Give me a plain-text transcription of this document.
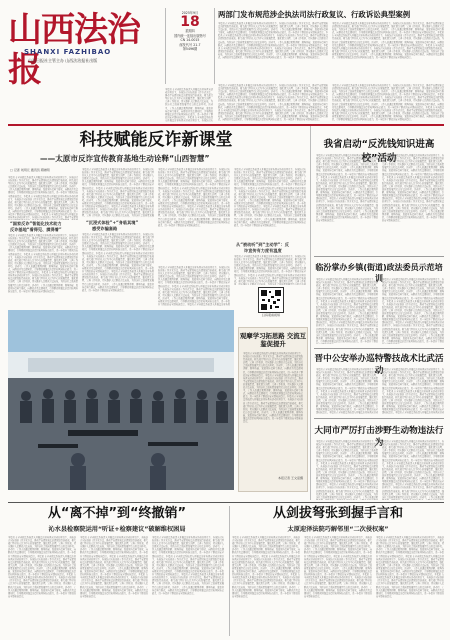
山西法治报
SHANXI FAZHIBAO
山西日报社主管主办 山西法治报社出版
2025年9月
18
星期四
国内统一连续出版物号
CN 14-0015
邮发代号 21-7
第5496期
两部门发布规范涉企执法司法行政复议、行政诉讼典型案例
本报讯 在全省政法系统深入开展法治宣传教育活动的背景下，各地结合实际创新工作方式方法，推动平安建设和法治建设取得新成效。相关部门坚持以人民为中心的发展思想，强化源头治理，完善工作机制，切实维护人民群众合法权益，为经济社会高质量发展营造良好法治环境。活动中，工作人员通过案例讲解、现场答疑、发放宣传资料等形式，向群众普及法律知识，引导群众增强法治意识和风险防范能力，进一步提升了群众的安全感和满意度。本报讯 在全省政法系统深入开展法治宣传教育活动的背景下，各地结合实际创新工作方式方法，推动平安建设和法治建设取得新成效。相关部门坚持以人民为中心的发展思想，强化源头治理，完善工作机制，切实维护人民群众合法权益，为经济社会高质量发展营造良好法治环境。活动中，工作人员通过案例讲解、现场答疑、发放宣传资料等形式，向群众普及法律知识，引导群众增强法治意识和风险防范能力，进一步提升了群众的安全感和满意度。本报讯 在全省政法系统深入开展法治宣传教育活动的背景下，各地结合实际创新工作方式方法，推动平安建设和法治建设取得新成效。相关部门坚持以人民为中心的发展思想，强化源头治理，完善工作机制，切实维护人民群众合法权益，为经济社会高质量发展营造良好法治环境。活动中，工作人员通过案例讲解、现场答疑、发放宣传资料等形式，向群众普及法律知识，引导群众增强法治意识和风险防范能力，进一步提升了群众的安全感和满意度。
本报讯 在全省政法系统深入开展法治宣传教育活动的背景下，各地结合实际创新工作方式方法，推动平安建设和法治建设取得新成效。相关部门坚持以人民为中心的发展思想，强化源头治理，完善工作机制，切实维护人民群众合法权益，为经济社会高质量发展营造良好法治环境。活动中，工作人员通过案例讲解、现场答疑、发放宣传资料等形式，向群众普及法律知识，引导群众增强法治意识和风险防范能力，进一步提升了群众的安全感和满意度。本报讯 在全省政法系统深入开展法治宣传教育活动的背景下，各地结合实际创新工作方式方法，推动平安建设和法治建设取得新成效。相关部门坚持以人民为中心的发展思想，强化源头治理，完善工作机制，切实维护人民群众合法权益，为经济社会高质量发展营造良好法治环境。活动中，工作人员通过案例讲解、现场答疑、发放宣传资料等形式，向群众普及法律知识，引导群众增强法治意识和风险防范能力，进一步提升了群众的安全感和满意度。本报讯 在全省政法系统深入开展法治宣传教育活动的背景下，各地结合实际创新工作方式方法，推动平安建设和法治建设取得新成效。相关部门坚持以人民为中心的发展思想，强化源头治理，完善工作机制，切实维护人民群众合法权益，为经济社会高质量发展营造良好法治环境。活动中，工作人员通过案例讲解、现场答疑、发放宣传资料等形式，向群众普及法律知识，引导群众增强法治意识和风险防范能力，进一步提升了群众的安全感和满意度。
本报讯 在全省政法系统深入开展法治宣传教育活动的背景下，各地结合实际创新工作方式方法，推动平安建设和法治建设取得新成效。相关部门坚持以人民为中心的发展思想，强化源头治理，完善工作机制，切实维护人民群众合法权益，为经济社会高质量发展营造良好法治环境。活动中，工作人员通过案例讲解、现场答疑、发放宣传资料等形式，向群众普及法律知识，引导群众增强法治意识和风险防范能力，进一步提升了群众的安全感和满意度。本报讯 在全省政法系统深入开展法治宣传教育活动的背景下，各地结合实际创新工作方式方法，推动平安建设和法治建设取得新成效。相关部门坚持以人民为中心的发展思想，强化源头治理，完善工作机制，切实维护人民群众合法权益，为经济社会高质量发展营造良好法治环境。活动中，工作人员通过案例讲解、现场答疑、发放宣传资料等形式，向群众普及法律知识，引导群众增强法治意识和风险防范能力，进一步提升了群众的安全感和满意度。本报讯 在全省政法系统深入开展法治宣传教育活动的背景下，各地结合实际创新工作方式方法，推动平安建设和法治建设取得新成效。相关部门坚持以人民为中心的发展思想，强化源头治理，完善工作机制，切实维护人民群众合法权益，为经济社会高质量发展营造良好法治环境。活动中，工作人员通过案例讲解、现场答疑、发放宣传资料等形式，向群众普及法律知识，引导群众增强法治意识和风险防范能力，进一步提升了群众的安全感和满意度。
本报讯 在全省政法系统深入开展法治宣传教育活动的背景下，各地结合实际创新工作方式方法，推动平安建设和法治建设取得新成效。相关部门坚持以人民为中心的发展思想，强化源头治理，完善工作机制，切实维护人民群众合法权益，为经济社会高质量发展营造良好法治环境。活动中，工作人员通过案例讲解、现场答疑、发放宣传资料等形式，向群众普及法律知识，引导群众增强法治意识和风险防范能力，进一步提升了群众的安全感和满意度。本报讯 在全省政法系统深入开展法治宣传教育活动的背景下，各地结合实际创新工作方式方法，推动平安建设和法治建设取得新成效。相关部门坚持以人民为中心的发展思想，强化源头治理，完善工作机制，切实维护人民群众合法权益，为经济社会高质量发展营造良好法治环境。活动中，工作人员通过案例讲解、现场答疑、发放宣传资料等形式，向群众普及法律知识，引导群众增强法治意识和风险防范能力，进一步提升了群众的安全感和满意度。本报讯 在全省政法系统深入开展法治宣传教育活动的背景下，各地结合实际创新工作方式方法，推动平安建设和法治建设取得新成效。相关部门坚持以人民为中心的发展思想，强化源头治理，完善工作机制，切实维护人民群众合法权益，为经济社会高质量发展营造良好法治环境。活动中，工作人员通过案例讲解、现场答疑、发放宣传资料等形式，向群众普及法律知识，引导群众增强法治意识和风险防范能力，进一步提升了群众的安全感和满意度。
本报讯 在全省政法系统深入开展法治宣传教育活动的背景下，各地结合实际创新工作方式方法，推动平安建设和法治建设取得新成效。相关部门坚持以人民为中心的发展思想，强化源头治理，完善工作机制，切实维护人民群众合法权益，为经济社会高质量发展营造良好法治环境。活动中，工作人员通过案例讲解、现场答疑、发放宣传资料等形式，向群众普及法律知识，引导群众增强法治意识和风险防范能力，进一步提升了群众的安全感和满意度。本报讯 在全省政法系统深入开展法治宣传教育活动的背景下，各地结合实
科技赋能反诈新课堂
——太原市反诈宣传教育基地生动诠释“山西智慧”
□ 记者 刘玥元 通讯员 郭晓明
本报讯 在全省政法系统深入开展法治宣传教育活动的背景下，各地结合实际创新工作方式方法，推动平安建设和法治建设取得新成效。相关部门坚持以人民为中心的发展思想，强化源头治理，完善工作机制，切实维护人民群众合法权益，为经济社会高质量发展营造良好法治环境。活动中，工作人员通过案例讲解、现场答疑、发放宣传资料等形式，向群众普及法律知识，引导群众增强法治意识和风险防范能力，进一步提升了群众的安全感和满意度。本报讯 在全省政法系统深入开展法治宣传教育活动的背景下，各地结合实际创新工作方式方法，推动平安建设和法治建设取得新成效。相关部门坚持以人民为中心的发展思想，强化源头治理，完善工作机制，切实维护人民群众合法权益，为经济社会高质量发展营造良好法治环境。活动中，工作人员通过案例讲解、现场答疑、发放宣传资料等形式，向群众普及法律知识，引导群众增强法治意识和风险防范能力，进一步提升了群众的安全感和满意度。本报讯 在全省政法系统深入开展法治宣传教育活动的背景下，各地结合实际创新工作方式方法，推动平安建设
“国家反诈”智能化技术助力
反诈基地“看得见、摸得着”
本报讯 在全省政法系统深入开展法治宣传教育活动的背景下，各地结合实际创新工作方式方法，推动平安建设和法治建设取得新成效。相关部门坚持以人民为中心的发展思想，强化源头治理，完善工作机制，切实维护人民群众合法权益，为经济社会高质量发展营造良好法治环境。活动中，工作人员通过案例讲解、现场答疑、发放宣传资料等形式，向群众普及法律知识，引导群众增强法治意识和风险防范能力，进一步提升了群众的安全感和满意度。本报讯 在全省政法系统深入开展法治宣传教育活动的背景下，各地结合实际创新工作方式方法，推动平安建设和法治建设取得新成效。相关部门坚持以人民为中心的发展思想，强化源头治理，完善工作机制，切实维护人民群众合法权益，为经济社会高质量发展营造良好法治环境。活动中，工作人员通过案例讲解、现场答疑、发放宣传资料等形式，向群众普及法律知识，引导群众增强法治意识和风险防范能力，进一步提升了群众的安全感和满意度。本报讯 在全省政法系统深入开展法治宣传教育活动的背景下，各地结合实际创新工作方式方法，推动平安建设和法治建设取得新成效。相关部门坚持以人民为中心的发展思想，强化源头治理，完善工作机制，切实维护人民群众合法权益，为经济社会高质量发展营造良好法治环境。活动中，工作人员通过案例讲解、现场答疑、发放宣传资料等形式，向群众普及法律知识，引导群众增强法治意识和风险防范能力，进一步提升了群众的安全感和满意度。
本报讯 在全省政法系统深入开展法治宣传教育活动的背景下，各地结合实际创新工作方式方法，推动平安建设和法治建设取得新成效。相关部门坚持以人民为中心的发展思想，强化源头治理，完善工作机制，切实维护人民群众合法权益，为经济社会高质量发展营造良好法治环境。活动中，工作人员通过案例讲解、现场答疑、发放宣传资料等形式，向群众普及法律知识，引导群众增强法治意识和风险防范能力，进一步提升了群众的安全感和满意度。本报讯 在全省政法系统深入开展法治宣传教育活动的背景下，各地结合实际创新工作方式方法，推动平安建设和法治建设取得新成效。相关部门坚持以人民为中心的发展思想，强化源头治理，完善工作机制，切实维护人民群众合法权益，为经济社会高质量发展营造良好法治环境。活动中，工作人员通过案例讲解、现场答疑、发放宣传资料等形式，向群众普及法律知识，引导群众增强法治意识和风险防范能力，进一步提升了群众的安全感和满意度。本报讯 在全省政法系统深入开展法治宣传教育活动的背景下，各地结合实际创新工作方式方法，推动平安建设和法治建设取得新成效。相关部门坚持以人民为中心的发展思想，强化源头治理，完善工作机制，切实维护人民群众合法权益，为经济社会高质量发展
“沉浸式体验”+“身临其境”
感受诈骗套路
本报讯 在全省政法系统深入开展法治宣传教育活动的背景下，各地结合实际创新工作方式方法，推动平安建设和法治建设取得新成效。相关部门坚持以人民为中心的发展思想，强化源头治理，完善工作机制，切实维护人民群众合法权益，为经济社会高质量发展营造良好法治环境。活动中，工作人员通过案例讲解、现场答疑、发放宣传资料等形式，向群众普及法律知识，引导群众增强法治意识和风险防范能力，进一步提升了群众的安全感和满意度。本报讯 在全省政法系统深入开展法治宣传教育活动的背景下，各地结合实际创新工作方式方法，推动平安建设和法治建设取得新成效。相关部门坚持以人民为中心的发展思想，强化源头治理，完善工作机制，切实维护人民群众合法权益，为经济社会高质量发展营造良好法治环境。活动中，工作人员通过案例讲解、现场答疑、发放宣传资料等形式，向群众普及法律知识，引导群众增强法治意识和风险防范能力，进一步提升了群众的安全感和满意度。本报讯 在全省政法系统深入开展法治宣传教育活动的背景下，各地结合实际创新工作方式方法，推动平安建设和法治建设取得新成效。相关部门坚持以人民为中心的发展思想，强化源头治理，完善工作机制，切实维护人民群众合法权益，为经济社会高质量发展营造良好法治环境。活动中，工作人员通过案例讲解、现场答疑、发放宣传资料等形式，向群众普及法律知识，引导群众增强法治意识和风险防范能力，进一步提升了群众的安全感和满意度。
本报讯 在全省政法系统深入开展法治宣传教育活动的背景下，各地结合实际创新工作方式方法，推动平安建设和法治建设取得新成效。相关部门坚持以人民为中心的发展思想，强化源头治理，完善工作机制，切实维护人民群众合法权益，为经济社会高质量发展营造良好法治环境。活动中，工作人员通过案例讲解、现场答疑、发放宣传资料等形式，向群众普及法律知识，引导群众增强法治意识和风险防范能力，进一步提升了群众的安全感和满意度。本报讯 在全省政法系统深入开展法治宣传教育活动的背景下，各地结合实际创新工作方式方法，推动平安建设和法治建设取得新成效。相关部门坚持以人民为中心的发展思想，强化源头治理，完善工作机制，切实维护人民群众合法权益，为经济社会高质量发展营造良好法治环境。活动中，工作人员通过案例讲解、现场答疑、发放宣传资料等形式，向群众普及法律知识，引导群众增强法治意识和风险防范能力，进一步提升了群众的安全感和满意度。本报讯 在全省政法系统深入开展法治宣传教育活动的背景下，各地结合实际创新工作方式方法，推动平安建设和法治建设取得新成效。相关部门坚持以人民为中心的发展思想，强化源头治理，完善工作机制，切实维护人民群众合法权益，为经济社会高质量发展营造良好法治环境。活动中，工作人员通过案例讲解、现场答疑、发放宣传资料等形式，向群众普及法律知识，引导群众增强法治意识和风险防范能力，进一步提升了群众的安全感和满意度。
本报讯 在全省政法系统深入开展法治宣传教育活动的背景下，各地结合实际创新工作方式方法，推动平安建设和法治建设取得新成效。相关部门坚持以人民为中心的发展思想，强化源头治理，完善工作机制，切实维护人民群众合法权益，为经济社会高质量发展营造良好法治环境。活动中，工作人员通过案例讲解、现场答疑、发放宣传资料等形式，向群众普及法律知识，引导群众增强法治意识和风险防范能力，进一步提升了群众的安全感和满意度。本报讯 在全省政法系统深入开展法治宣传教育活动的背景下，各地结合实际创新工作方式方法，推动平安建设和法治建设取得新成效。相关部门坚持以人民为中心的发展思想，强化源头治理，完善工作机制，切实维护人民群众合法权益，为经济社会高质量发展营造良好法治环境。活动中，工作人员通过案例讲解、现场答疑、发放宣传资料等形式，向群众普及法律知识，引导群众增强法治意识和风险防范能力，进一步提升了群众的安全感和满意度。本报讯 在全省政法系统深入开展法治宣传教
本报讯 在全省政法系统深入开展法治宣传教育活动的背景下，各地结合实际创新工作方式方法，推动平安建设和法治建设取得新成效。相关部门坚持以人民为中心的发展思想，强化源头治理，完善工作机制，切实维护人民群众合法权益，为经济社会高质量发展营造良好法治环境。活动中，工作人员通过案例讲解、现场答疑、发放宣传资料等形式，向群众普及法律知识，引导群众增强法治意识和风险防范能力，进一步提升了群众的安全感和满意度。本报讯 在全省政法系统深入开展法治宣传教育活动的背景下，各地结合实际创新工作方式方法，推动平安建设和法治建设取得新成效。相关部门坚持以人民为中心的发展思想，强化源头治理，完善工作机制，切实维护人民群众合法权益，为经济社会高质量发展营造良好法治环境。活动中，工作人员通过案例讲解、现场答疑、发放宣传资料等形式，向群众普及法律知识，引导群众增强法治意识和风险防范能力，进一步提升了群众的安全感和满意度。本报讯 在全省政法系统深入开展法治宣传教育活动的背景下，各地结合实际创新工作方式方法，推动平安建设和法治建设取得新成效。相关部门坚持以人民为中心的发展思想，强化源头治理，完善工作机制，切实维护人民群众合法权益，为经济社会高质量发展营造良好法治环境。活动中，工作人员通过案例讲解、现场答疑、发放宣传资料等形式，向群众普及法律知识，引导群众增强法治意识和风险防范能力，进一步提升了群众的安全感和满意度。
从“被动听”到“主动学”：反
诈宣传有力度有温度
本报讯 在全省政法系统深入开展法治宣传教育活动的背景下，各地结合实际创新工作方式方法，推动平安建设和法治建设取得新成效。相关部门坚持以人民为中心的发展思想，强化源头治理，完善工作机制，切实维护人民群众合法权益，为经济社会高质量发展营造良好法治环境。活动中，工作人员通过案例讲解、现场答疑、发放宣传资料等形式，向群众普及法律知识，引导群众增强法治意识和风险防范能力，进一步提升了群众的安全感和满意度。本报讯 在全省政法系统深入开展法治宣传教育活动的背景下，各地结合实际创新工作方式方法，推动平安建设和法治建设取得新成效。相关部门坚持以人民为中心的发展思想，强化源头治理，完善工作机制，切实维护人民群众合法权益，为经济社会高质量发展营造良好法治环
扫码观看视频
观摩学习拓思路 交流互鉴促提升
本报讯 在全省政法系统深入开展法治宣传教育活动的背景下，各地结合实际创新工作方式方法，推动平安建设和法治建设取得新成效。相关部门坚持以人民为中心的发展思想，强化源头治理，完善工作机制，切实维护人民群众合法权益，为经济社会高质量发展营造良好法治环境。活动中，工作人员通过案例讲解、现场答疑、发放宣传资料等形式，向群众普及法律知识，引导群众增强法治意识和风险防范能力，进一步提升了群众的安全感和满意度。本报讯 在全省政法系统深入开展法治宣传教育活动的背景下，各地结合实际创新工作方式方法，推动平安建设和法治建设取得新成效。相关部门坚持以人民为中心的发展思想，强化源头治理，完善工作机制，切实维护人民群众合法权益，为经济社会高质量发展营造良好法治环境。活动中，工作人员通过案例讲解、现场答疑、发放宣传资料等形式，向群众普及法律知识，引导群众增强法治意识和风险防范能力，进一步提升了群众的安全感和满意度。本报讯 在全省政法系统深入开展法治宣传教育活动的背景下，各地结合实际创新工作方式方法，推动平安建设和法治建设取得新成效。相关部门坚持以人民为中心的发展思想，强化源头治理，完善工作机制，切实维护人民群众合法权益，为经济社会高质量发展营造良好法治环境。活动中，工作人员通过案例讲解、现场答疑、发放宣传资料等形式，向群众普及法律知识，引导群众增强法治意识和风险防范能力，进一步提升了群众的安全感和满意度。
本报记者 王文泓摄
我省启动“反洗钱知识进高校”活动
本报讯 在全省政法系统深入开展法治宣传教育活动的背景下，各地结合实际创新工作方式方法，推动平安建设和法治建设取得新成效。相关部门坚持以人民为中心的发展思想，强化源头治理，完善工作机制，切实维护人民群众合法权益，为经济社会高质量发展营造良好法治环境。活动中，工作人员通过案例讲解、现场答疑、发放宣传资料等形式，向群众普及法律知识，引导群众增强法治意识和风险防范能力，进一步提升了群众的安全感和满意度。本报讯 在全省政法系统深入开展法治宣传教育活动的背景下，各地结合实际创新工作方式方法，推动平安建设和法治建设取得新成效。相关部门坚持以人民为中心的发展思想，强化源头治理，完善工作机制，切实维护人民群众合法权益，为经济社会高质量发展营造良好法治环境。活动中，工作人员通过案例讲解、现场答疑、发放宣传资料等形式，向群众普及法律知识，引导群众增强法治意识和风险防范能力，进一步提升了群众的安全感和满意度。本报讯 在全省政法系统深入开展法治宣传教育活动的背景下，各地结合实际创新工作方式方法，推动平安建设和法治建设取得新成效。相关部门坚持以人民为中心的发展思想，强化源头治理，完善工作机制，切实维护人民群众合法权益，为经济社会高质量发展营造良好法治环境。活动中，工作人员通过案例讲解、现场答疑、发放宣传资料等形式，向群众普及法律知识，引导群众增强法治意识和风险防范能力，进一步提升了群众的安全感和满意度。
本报讯 在全省政法系统深入开展法治宣传教育活动的背景下，各地结合实际创新工作方式方法，推动平安建设和法治建设取得新成效。相关部门坚持以人民为中心的发展思想，强化源头治理，完善工作机制，切实维护人民群众合法权益，为经济社会高质量发展营造良好法治环境。活动中，工作人员通过案例讲解、现场答疑、发放宣传资料等形式，向群众普及法律知识，引导群众增强法治意识和风险防范能力，进一步提升了群众的安全感和满意度。本报讯 在全省政法系统深入开展法治宣传教育活动的背景下，各地结合实际创新工作方式方法，推动平安建设和法治建设取得新成效。相关部门坚持以人民为中心的发展思想，强化源头治理，完善工作机制，切实维护人民群众合法权益，为经济社会高质量发展营造良好法治环境。活动中，工作人员通过案例讲解、现场答疑、发放宣传资料等形式，向群众普及法律知识，引导群众增强法治意识和风险防范能力，进一步提升了群众的安全感和满意度。本报讯 在全省政法系统深入开展法治宣传教育活动的背景下，各地结合实际创新工作方式方法，推动平安建设和法治建设取得新成效。相关部门坚持以人民为中心的发展思想，强化源头治理，完善工作机制，切实维护人民群众合法权益，为经济社会高质量发展营造良好法治环境。活动中，工作人员通过案例讲解、现场答疑、发放宣传资料等形式，向群众普及法律知识，引导群众增强法治意识和风险防范能力，进一步提升了群众的安全感和满意度。
临汾掌办乡镇(街道)政法委员示范培训
本报讯 在全省政法系统深入开展法治宣传教育活动的背景下，各地结合实际创新工作方式方法，推动平安建设和法治建设取得新成效。相关部门坚持以人民为中心的发展思想，强化源头治理，完善工作机制，切实维护人民群众合法权益，为经济社会高质量发展营造良好法治环境。活动中，工作人员通过案例讲解、现场答疑、发放宣传资料等形式，向群众普及法律知识，引导群众增强法治意识和风险防范能力，进一步提升了群众的安全感和满意度。本报讯 在全省政法系统深入开展法治宣传教育活动的背景下，各地结合实际创新工作方式方法，推动平安建设和法治建设取得新成效。相关部门坚持以人民为中心的发展思想，强化源头治理，完善工作机制，切实维护人民群众合法权益，为经济社会高质量发展营造良好法治环境。活动中，工作人员通过案例讲解、现场答疑、发放宣传资料等形式，向群众普及法律知识，引导群众增强法治意识和风险防范能力，进一步提升了群众的安全感和满意度。本报讯 在全省政法系统深入开展法治宣传教育活动的背景下，各地结合实际创新工作方式方法，推动平安建设和法治建设取得新成效。相关部门坚持以人民为中心的发展思想，强化源头治理，完善工作机制，切实维护人民群众合法权益，为经济社会高质量发展营造良好法治环境。活动中，工作人员通过案例讲解、现场答疑、发放宣传资料等形式，向群众普及法律知识，引导群众增强法治意识和风险防范能力，进一步提升了群众
本报讯 在全省政法系统深入开展法治宣传教育活动的背景下，各地结合实际创新工作方式方法，推动平安建设和法治建设取得新成效。相关部门坚持以人民为中心的发展思想，强化源头治理，完善工作机制，切实维护人民群众合法权益，为经济社会高质量发展营造良好法治环境。活动中，工作人员通过案例讲解、现场答疑、发放宣传资料等形式，向群众普及法律知识，引导群众增强法治意识和风险防范能力，进一步提升了群众的安全感和满意度。本报讯 在全省政法系统深入开展法治宣传教育活动的背景下，各地结合实际创新工作方式方法，推动平安建设和法治建设取得新成效。相关部门坚持以人民为中心的发展思想，强化源头治理，完善工作机制，切实维护人民群众合法权益，为经济社会高质量发展营造良好法治环境。活动中，工作人员通过案例讲解、现场答疑、发放宣传资料等形式，向群众普及法律知识，引导群众增强法治意识和风险防范能力，进一步提升了群众的安全感和满意度。本报讯 在全省政法系统深入开展法治宣传教育活动的背景下，各地结合实际创新工作方式方法，推动平安建设和法治建设取得新成效。相关部门坚持以人民为中心的发展思想，强化源头治理，完善工作机制，切实维护人民群众合法权益，为经济社会高质量发展营造良好法治环境。活动中，工作人员通过案例讲解、现场答疑、发放宣传资料等形式，向群众普及法律知识，引导群众增强法治意识和风险防范能力，进一步提升了群众
晋中公安举办巡特警技战术比武活动
本报讯 在全省政法系统深入开展法治宣传教育活动的背景下，各地结合实际创新工作方式方法，推动平安建设和法治建设取得新成效。相关部门坚持以人民为中心的发展思想，强化源头治理，完善工作机制，切实维护人民群众合法权益，为经济社会高质量发展营造良好法治环境。活动中，工作人员通过案例讲解、现场答疑、发放宣传资料等形式，向群众普及法律知识，引导群众增强法治意识和风险防范能力，进一步提升了群众的安全感和满意度。本报讯 在全省政法系统深入开展法治宣传教育活动的背景下，各地结合实际创新工作方式方法，推动平安建设和法治建设取得新成效。相关部门坚持以人民为中心的发展思想，强化源头治理，完善工作机制，切实维护人民群众合法权益，为经济社会高质量发展营造良好法治环境。活动中，工作人员通过案例讲解、现场答疑、发放宣传资料等形式，向群众普及法律知识，引导群众增强法治意识和风险防范能力，进一步提升了群众的安全感和满意度。本报讯 在全省政法系统深入开展法治宣传教育活动
本报讯 在全省政法系统深入开展法治宣传教育活动的背景下，各地结合实际创新工作方式方法，推动平安建设和法治建设取得新成效。相关部门坚持以人民为中心的发展思想，强化源头治理，完善工作机制，切实维护人民群众合法权益，为经济社会高质量发展营造良好法治环境。活动中，工作人员通过案例讲解、现场答疑、发放宣传资料等形式，向群众普及法律知识，引导群众增强法治意识和风险防范能力，进一步提升了群众的安全感和满意度。本报讯 在全省政法系统深入开展法治宣传教育活动的背景下，各地结合实际创新工作方式方法，推动平安建设和法治建设取得新成效。相关部门坚持以人民为中心的发展思想，强化源头治理，完善工作机制，切实维护人民群众合法权益，为经济社会高质量发展营造良好法治环境。活动中，工作人员通过案例讲解、现场答疑、发放宣传资料等形式，向群众普及法律知识，引导群众增强法治意识和风险防范能力，进一步提升了群众的安全感和满意度。本报讯 在全省政法系统深入开展法治宣传教育活动
大同市严厉打击涉野生动物违法行为
本报讯 在全省政法系统深入开展法治宣传教育活动的背景下，各地结合实际创新工作方式方法，推动平安建设和法治建设取得新成效。相关部门坚持以人民为中心的发展思想，强化源头治理，完善工作机制，切实维护人民群众合法权益，为经济社会高质量发展营造良好法治环境。活动中，工作人员通过案例讲解、现场答疑、发放宣传资料等形式，向群众普及法律知识，引导群众增强法治意识和风险防范能力，进一步提升了群众的安全感和满意度。本报讯 在全省政法系统深入开展法治宣传教育活动的背景下，各地结合实际创新工作方式方法，推动平安建设和法治建设取得新成效。相关部门坚持以人民为中心的发展思想，强化源头治理，完善工作机制，切实维护人民群众合法权益，为经济社会高质量发展营造良好法治环境。活动中，工作人员通过案例讲解、现场答疑、发放宣传资料等形式，向群众普及法律知识，引导群众增强法治意识和风险防范能力，进一步提升了群众的安全感和满意度。本报讯 在全省政法系统深入开展法治宣传教育活动的背景下，各地结合实际创新工作方式方法，推动平安建设和法治建设取得新成效。相关部门坚持以人民为中心的发展思想，强化源头治理，完善工作机制，切实维护人民群众合法权益，为经济社会高质量发展营造良好法治环境。活动中，工作人员通过案
本报讯 在全省政法系统深入开展法治宣传教育活动的背景下，各地结合实际创新工作方式方法，推动平安建设和法治建设取得新成效。相关部门坚持以人民为中心的发展思想，强化源头治理，完善工作机制，切实维护人民群众合法权益，为经济社会高质量发展营造良好法治环境。活动中，工作人员通过案例讲解、现场答疑、发放宣传资料等形式，向群众普及法律知识，引导群众增强法治意识和风险防范能力，进一步提升了群众的安全感和满意度。本报讯 在全省政法系统深入开展法治宣传教育活动的背景下，各地结合实际创新工作方式方法，推动平安建设和法治建设取得新成效。相关部门坚持以人民为中心的发展思想，强化源头治理，完善工作机制，切实维护人民群众合法权益，为经济社会高质量发展营造良好法治环境。活动中，工作人员通过案例讲解、现场答疑、发放宣传资料等形式，向群众普及法律知识，引导群众增强法治意识和风险防范能力，进一步提升了群众的安全感和满意度。本报讯 在全省政法系统深入开展法治宣传教育活动的背景下，各地结合实际创新工作方式方法，推动平安建设和法治建设取得新成效。相关部门坚持以人民为中心的发展思想，强化源头治理，完善工作机制，切实维护人民群众合法权益，为经济社会高质量发展营造良好法治环境。活动中，工作人员通过案
从“离不掉”到“终撤销”
沁水县检察院运用“听证+检察建议”破解维权困局
本报讯 在全省政法系统深入开展法治宣传教育活动的背景下，各地结合实际创新工作方式方法，推动平安建设和法治建设取得新成效。相关部门坚持以人民为中心的发展思想，强化源头治理，完善工作机制，切实维护人民群众合法权益，为经济社会高质量发展营造良好法治环境。活动中，工作人员通过案例讲解、现场答疑、发放宣传资料等形式，向群众普及法律知识，引导群众增强法治意识和风险防范能力，进一步提升了群众的安全感和满意度。本报讯 在全省政法系统深入开展法治宣传教育活动的背景下，各地结合实际创新工作方式方法，推动平安建设和法治建设取得新成效。相关部门坚持以人民为中心的发展思想，强化源头治理，完善工作机制，切实维护人民群众合法权益，为经济社会高质量发展营造良好法治环境。活动中，工作人员通过案例讲解、现场答疑、发放宣传资料等形式，向群众普及法律知识，引导群众增强法治意识和风险防范能力，进一步提升了群众的安全感和满意度。本报讯 在全省政法系统深入开展法治宣传教育活动的背景下，各地结合实际创新工作方式方法，推动平安建设和法治建设取得新成效。相关部门坚持以人民为中心的发展思想，强化源头治理，完善工作机制，切实维护人民群众合法权益，为经济社会高质量发展营造良好法治环境。活动中，工作人员通过案例讲解、现场答疑、发放宣传资料等形式，向群众普及法律知识，引导群众增强法治意识和风险防范能力，进一步提升了群众的安全感和满意度。
本报讯 在全省政法系统深入开展法治宣传教育活动的背景下，各地结合实际创新工作方式方法，推动平安建设和法治建设取得新成效。相关部门坚持以人民为中心的发展思想，强化源头治理，完善工作机制，切实维护人民群众合法权益，为经济社会高质量发展营造良好法治环境。活动中，工作人员通过案例讲解、现场答疑、发放宣传资料等形式，向群众普及法律知识，引导群众增强法治意识和风险防范能力，进一步提升了群众的安全感和满意度。本报讯 在全省政法系统深入开展法治宣传教育活动的背景下，各地结合实际创新工作方式方法，推动平安建设和法治建设取得新成效。相关部门坚持以人民为中心的发展思想，强化源头治理，完善工作机制，切实维护人民群众合法权益，为经济社会高质量发展营造良好法治环境。活动中，工作人员通过案例讲解、现场答疑、发放宣传资料等形式，向群众普及法律知识，引导群众增强法治意识和风险防范能力，进一步提升了群众的安全感和满意度。本报讯 在全省政法系统深入开展法治宣传教育活动的背景下，各地结合实际创新工作方式方法，推动平安建设和法治建设取得新成效。相关部门坚持以人民为中心的发展思想，强化源头治理，完善工作机制，切实维护人民群众合法权益，为经济社会高质量发展营造良好法治环境。活动中，工作人员通过案例讲解、现场答疑、发放宣传资料等形式，向群众普及法律知识，引导群众增强法治意识和风险防范能力，进一步提升了群众的安全感和满意度。
本报讯 在全省政法系统深入开展法治宣传教育活动的背景下，各地结合实际创新工作方式方法，推动平安建设和法治建设取得新成效。相关部门坚持以人民为中心的发展思想，强化源头治理，完善工作机制，切实维护人民群众合法权益，为经济社会高质量发展营造良好法治环境。活动中，工作人员通过案例讲解、现场答疑、发放宣传资料等形式，向群众普及法律知识，引导群众增强法治意识和风险防范能力，进一步提升了群众的安全感和满意度。本报讯 在全省政法系统深入开展法治宣传教育活动的背景下，各地结合实际创新工作方式方法，推动平安建设和法治建设取得新成效。相关部门坚持以人民为中心的发展思想，强化源头治理，完善工作机制，切实维护人民群众合法权益，为经济社会高质量发展营造良好法治环境。活动中，工作人员通过案例讲解、现场答疑、发放宣传资料等形式，向群众普及法律知识，引导群众增强法治意识和风险防范能力，进一步提升了群众的安全感和满意度。本报讯 在全省政法系统深入开展法治宣传教育活动的背景下，各地结合实际创新工作方式方法，推动平安建设和法治建设取得新成效。相关部门坚持以人民为中心的发展思想，强化源头治理，完善工作机制，切实维护人民群众合法权益，为经济社会高质量发展营造良好法治环境。活动中，工作人员通过案例讲解、现场答疑、发放宣传资料等形式，向群众普及法律知识，引导群众增强法治意识和风险防范能力，进一步提升了群众的安全感和满意度。
从剑拔弩张到握手言和
太原迎泽法院巧解邻里“二次侵权案”
本报讯 在全省政法系统深入开展法治宣传教育活动的背景下，各地结合实际创新工作方式方法，推动平安建设和法治建设取得新成效。相关部门坚持以人民为中心的发展思想，强化源头治理，完善工作机制，切实维护人民群众合法权益，为经济社会高质量发展营造良好法治环境。活动中，工作人员通过案例讲解、现场答疑、发放宣传资料等形式，向群众普及法律知识，引导群众增强法治意识和风险防范能力，进一步提升了群众的安全感和满意度。本报讯 在全省政法系统深入开展法治宣传教育活动的背景下，各地结合实际创新工作方式方法，推动平安建设和法治建设取得新成效。相关部门坚持以人民为中心的发展思想，强化源头治理，完善工作机制，切实维护人民群众合法权益，为经济社会高质量发展营造良好法治环境。活动中，工作人员通过案例讲解、现场答疑、发放宣传资料等形式，向群众普及法律知识，引导群众增强法治意识和风险防范能力，进一步提升了群众的安全感和满意度。本报讯 在全省政法系统深入开展法治宣传教育活动的背景下，各地结合实际创新工作方式方法，推动平安建设和法治建设取得新成效。相关部门坚持以人民为中心的发展思想，强化源头治理，完善工作机制，切实维护人民群众合法权益，为经济社会高质量发展营造良好法治环境。活动中，工作人员通过案例讲解、现场答疑、发放宣传资料等形式，向群众普及法律知识，引导群众增强法治意识和风险防范能力，进一步提升了群众的安全感和满意度。
本报讯 在全省政法系统深入开展法治宣传教育活动的背景下，各地结合实际创新工作方式方法，推动平安建设和法治建设取得新成效。相关部门坚持以人民为中心的发展思想，强化源头治理，完善工作机制，切实维护人民群众合法权益，为经济社会高质量发展营造良好法治环境。活动中，工作人员通过案例讲解、现场答疑、发放宣传资料等形式，向群众普及法律知识，引导群众增强法治意识和风险防范能力，进一步提升了群众的安全感和满意度。本报讯 在全省政法系统深入开展法治宣传教育活动的背景下，各地结合实际创新工作方式方法，推动平安建设和法治建设取得新成效。相关部门坚持以人民为中心的发展思想，强化源头治理，完善工作机制，切实维护人民群众合法权益，为经济社会高质量发展营造良好法治环境。活动中，工作人员通过案例讲解、现场答疑、发放宣传资料等形式，向群众普及法律知识，引导群众增强法治意识和风险防范能力，进一步提升了群众的安全感和满意度。本报讯 在全省政法系统深入开展法治宣传教育活动的背景下，各地结合实际创新工作方式方法，推动平安建设和法治建设取得新成效。相关部门坚持以人民为中心的发展思想，强化源头治理，完善工作机制，切实维护人民群众合法权益，为经济社会高质量发展营造良好法治环境。活动中，工作人员通过案例讲解、现场答疑、发放宣传资料等形式，向群众普及法律知识，引导群众增强法治意识和风险防范能力，进一步提升了群众的安全感和满意度。
本报讯 在全省政法系统深入开展法治宣传教育活动的背景下，各地结合实际创新工作方式方法，推动平安建设和法治建设取得新成效。相关部门坚持以人民为中心的发展思想，强化源头治理，完善工作机制，切实维护人民群众合法权益，为经济社会高质量发展营造良好法治环境。活动中，工作人员通过案例讲解、现场答疑、发放宣传资料等形式，向群众普及法律知识，引导群众增强法治意识和风险防范能力，进一步提升了群众的安全感和满意度。本报讯 在全省政法系统深入开展法治宣传教育活动的背景下，各地结合实际创新工作方式方法，推动平安建设和法治建设取得新成效。相关部门坚持以人民为中心的发展思想，强化源头治理，完善工作机制，切实维护人民群众合法权益，为经济社会高质量发展营造良好法治环境。活动中，工作人员通过案例讲解、现场答疑、发放宣传资料等形式，向群众普及法律知识，引导群众增强法治意识和风险防范能力，进一步提升了群众的安全感和满意度。本报讯 在全省政法系统深入开展法治宣传教育活动的背景下，各地结合实际创新工作方式方法，推动平安建设和法治建设取得新成效。相关部门坚持以人民为中心的发展思想，强化源头治理，完善工作机制，切实维护人民群众合法权益，为经济社会高质量发展营造良好法治环境。活动中，工作人员通过案例讲解、现场答疑、发放宣传资料等形式，向群众普及法律知识，引导群众增强法治意识和风险防范能力，进一步提升了群众的安全感和满意度。
